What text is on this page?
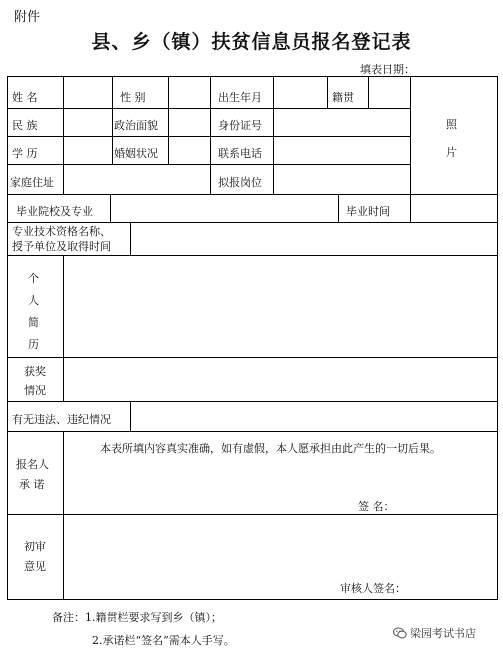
附件
县、乡（镇）扶贫信息员报名登记表
填表日期：
姓 名	性 别	出生年月	籍贯
照

片
民 族	政治面貌	身份证号
学 历	婚姻状况	联系电话
家庭住址	拟报岗位
毕业院校及专业	毕业时间
专业技术资格名称、
授予单位及取得时间
个
人
简
历
获奖
情况
有无违法、违纪情况
报名人
承 诺
本表所填内容真实准确，如有虚假，本人愿承担由此产生的一切后果。
签 名：
初审
意见
审核人签名：
备注：1.籍贯栏要求写到乡（镇）；
2.承诺栏“签名”需本人手写。
梁园考试书店
